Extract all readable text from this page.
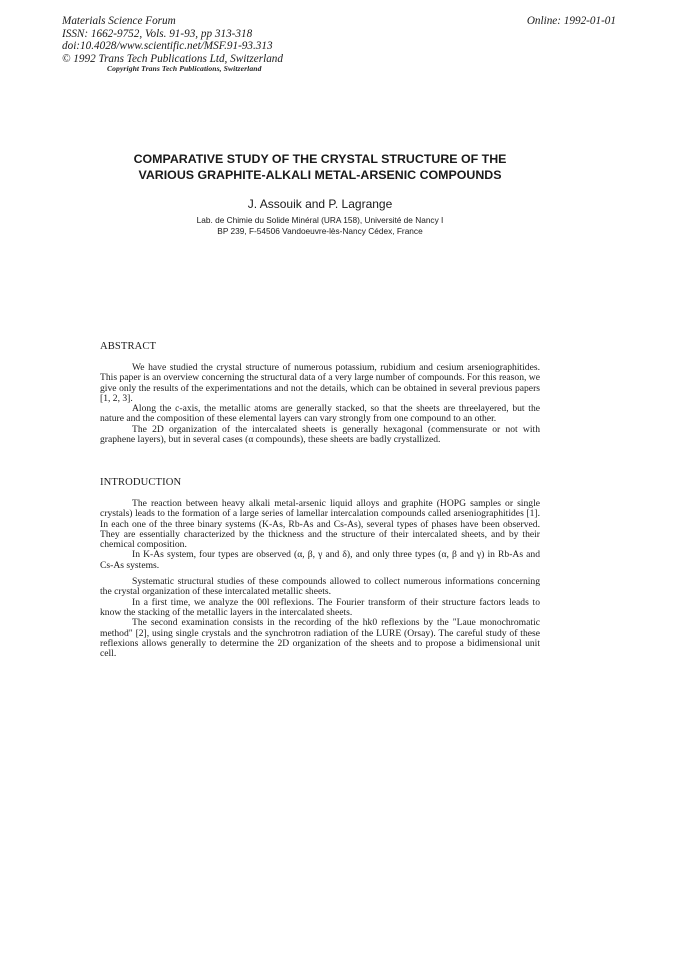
Materials Science Forum
ISSN: 1662-9752, Vols. 91-93, pp 313-318
doi:10.4028/www.scientific.net/MSF.91-93.313
© 1992 Trans Tech Publications Ltd, Switzerland
Copyright Trans Tech Publications, Switzerland
Online: 1992-01-01
COMPARATIVE STUDY OF THE CRYSTAL STRUCTURE OF THE
VARIOUS GRAPHITE-ALKALI METAL-ARSENIC COMPOUNDS
J. Assouik and P. Lagrange
Lab. de Chimie du Solide Minéral (URA 158), Université de Nancy I
BP 239, F-54506 Vandoeuvre-lès-Nancy Cédex, France
ABSTRACT

We have studied the crystal structure of numerous potassium, rubidium and cesium arseniographitides. This paper is an overview concerning the structural data of a very large number of compounds. For this reason, we give only the results of the experimentations and not the details, which can be obtained in several previous papers [1, 2, 3].

Along the c-axis, the metallic atoms are generally stacked, so that the sheets are threelayered, but the nature and the composition of these elemental layers can vary strongly from one compound to an other.

The 2D organization of the intercalated sheets is generally hexagonal (commensurate or not with graphene layers), but in several cases (α compounds), these sheets are badly crystallized.

INTRODUCTION

The reaction between heavy alkali metal-arsenic liquid alloys and graphite (HOPG samples or single crystals) leads to the formation of a large series of lamellar intercalation compounds called arseniographitides [1]. In each one of the three binary systems (K-As, Rb-As and Cs-As), several types of phases have been observed. They are essentially characterized by the thickness and the structure of their intercalated sheets, and by their chemical composition.

In K-As system, four types are observed (α, β, γ and δ), and only three types (α, β and γ) in Rb-As and Cs-As systems.

Systematic structural studies of these compounds allowed to collect numerous informations concerning the crystal organization of these intercalated metallic sheets.

In a first time, we analyze the 00l reflexions. The Fourier transform of their structure factors leads to know the stacking of the metallic layers in the intercalated sheets.

The second examination consists in the recording of the hk0 reflexions by the "Laue monochromatic method" [2], using single crystals and the synchrotron radiation of the LURE (Orsay). The careful study of these reflexions allows generally to determine the 2D organization of the sheets and to propose a bidimensional unit cell.
